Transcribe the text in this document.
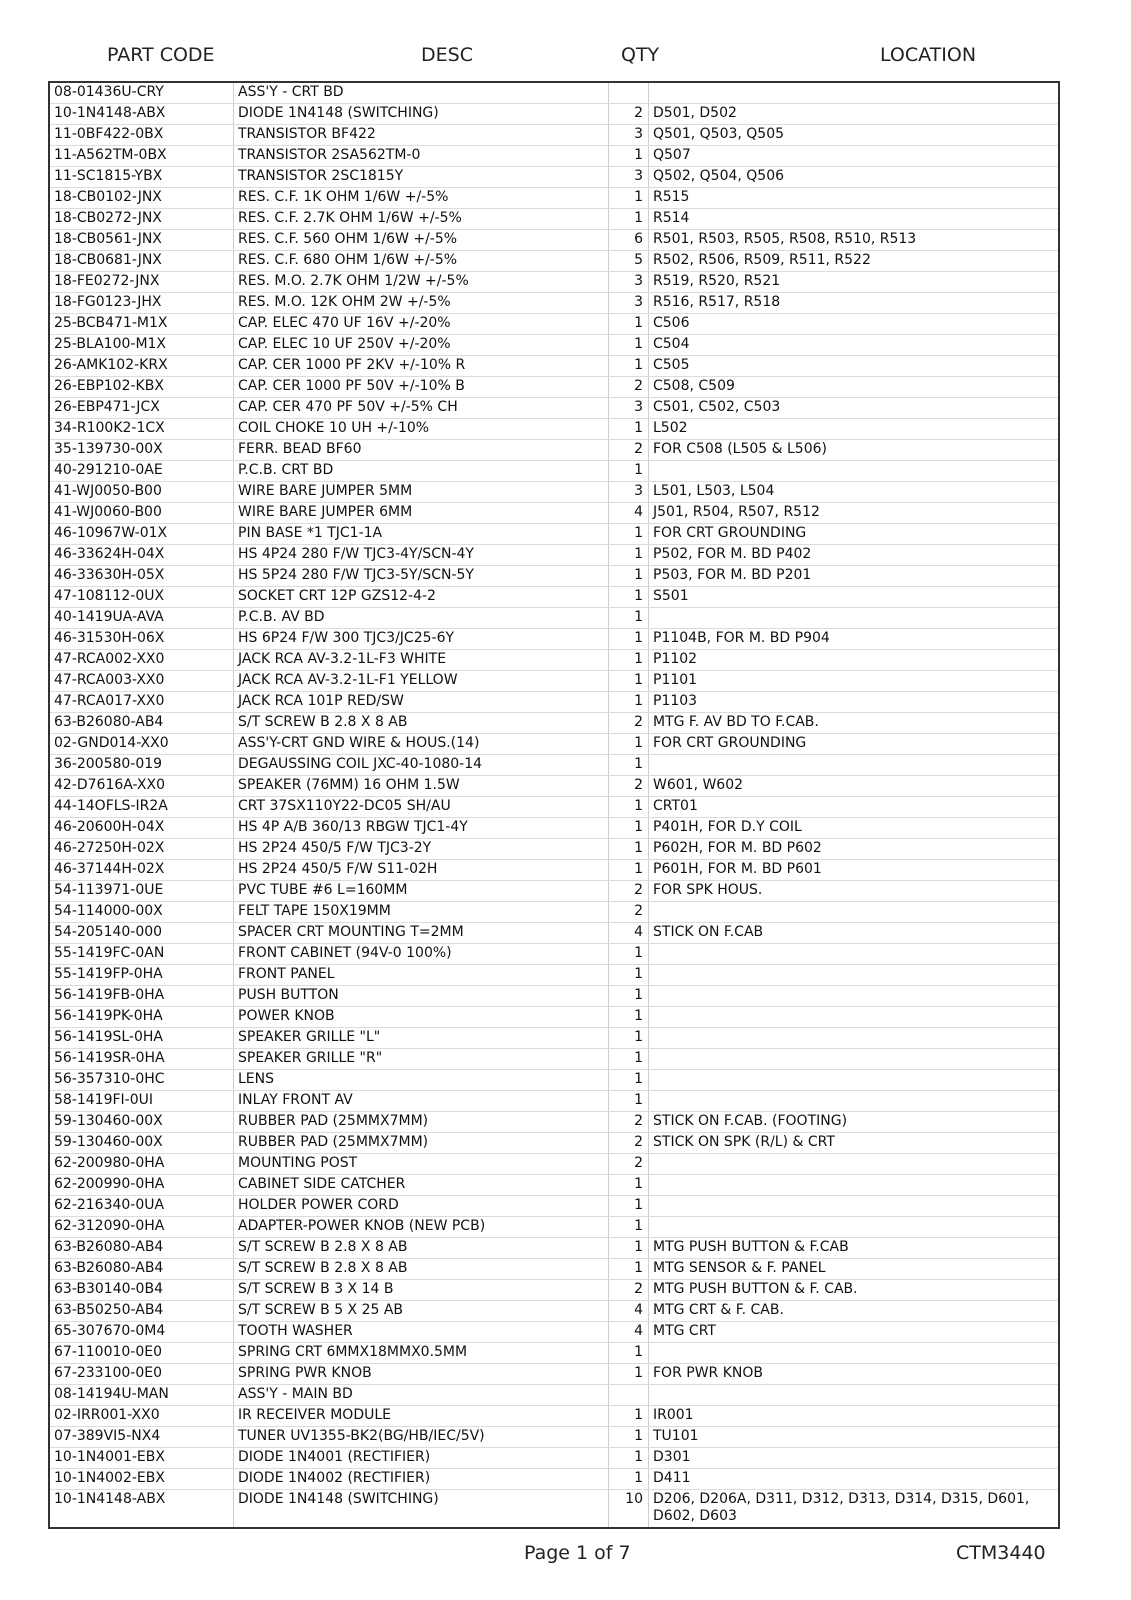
PART CODE	DESC	QTY	LOCATION
08-01436U-CRY	ASS'Y - CRT BD		
10-1N4148-ABX	DIODE 1N4148 (SWITCHING)	2	D501, D502
11-0BF422-0BX	TRANSISTOR BF422	3	Q501, Q503, Q505
11-A562TM-0BX	TRANSISTOR 2SA562TM-0	1	Q507
11-SC1815-YBX	TRANSISTOR 2SC1815Y	3	Q502, Q504, Q506
18-CB0102-JNX	RES. C.F. 1K OHM 1/6W +/-5%	1	R515
18-CB0272-JNX	RES. C.F. 2.7K OHM 1/6W +/-5%	1	R514
18-CB0561-JNX	RES. C.F. 560 OHM 1/6W +/-5%	6	R501, R503, R505, R508, R510, R513
18-CB0681-JNX	RES. C.F. 680 OHM 1/6W +/-5%	5	R502, R506, R509, R511, R522
18-FE0272-JNX	RES. M.O. 2.7K OHM 1/2W +/-5%	3	R519, R520, R521
18-FG0123-JHX	RES. M.O. 12K OHM 2W +/-5%	3	R516, R517, R518
25-BCB471-M1X	CAP. ELEC 470 UF 16V +/-20%	1	C506
25-BLA100-M1X	CAP. ELEC 10 UF 250V +/-20%	1	C504
26-AMK102-KRX	CAP. CER 1000 PF 2KV +/-10% R	1	C505
26-EBP102-KBX	CAP. CER 1000 PF 50V +/-10% B	2	C508, C509
26-EBP471-JCX	CAP. CER 470 PF 50V +/-5% CH	3	C501, C502, C503
34-R100K2-1CX	COIL CHOKE 10 UH +/-10%	1	L502
35-139730-00X	FERR. BEAD BF60	2	FOR C508 (L505 & L506)
40-291210-0AE	P.C.B. CRT BD	1	
41-WJ0050-B00	WIRE BARE JUMPER 5MM	3	L501, L503, L504
41-WJ0060-B00	WIRE BARE JUMPER 6MM	4	J501, R504, R507, R512
46-10967W-01X	PIN BASE *1 TJC1-1A	1	FOR CRT GROUNDING
46-33624H-04X	HS 4P24 280 F/W TJC3-4Y/SCN-4Y	1	P502, FOR M. BD P402
46-33630H-05X	HS 5P24 280 F/W TJC3-5Y/SCN-5Y	1	P503, FOR M. BD P201
47-108112-0UX	SOCKET CRT 12P GZS12-4-2	1	S501
40-1419UA-AVA	P.C.B. AV BD	1	
46-31530H-06X	HS 6P24 F/W 300 TJC3/JC25-6Y	1	P1104B, FOR M. BD P904
47-RCA002-XX0	JACK RCA AV-3.2-1L-F3 WHITE	1	P1102
47-RCA003-XX0	JACK RCA AV-3.2-1L-F1 YELLOW	1	P1101
47-RCA017-XX0	JACK RCA 101P RED/SW	1	P1103
63-B26080-AB4	S/T SCREW B 2.8 X 8 AB	2	MTG F. AV BD TO F.CAB.
02-GND014-XX0	ASS'Y-CRT GND WIRE & HOUS.(14)	1	FOR CRT GROUNDING
36-200580-019	DEGAUSSING COIL JXC-40-1080-14	1	
42-D7616A-XX0	SPEAKER (76MM) 16 OHM 1.5W	2	W601, W602
44-14OFLS-IR2A	CRT 37SX110Y22-DC05 SH/AU	1	CRT01
46-20600H-04X	HS 4P A/B 360/13 RBGW TJC1-4Y	1	P401H, FOR D.Y COIL
46-27250H-02X	HS 2P24 450/5 F/W TJC3-2Y	1	P602H, FOR M. BD P602
46-37144H-02X	HS 2P24 450/5 F/W S11-02H	1	P601H, FOR M. BD P601
54-113971-0UE	PVC TUBE #6 L=160MM	2	FOR SPK HOUS.
54-114000-00X	FELT TAPE 150X19MM	2	
54-205140-000	SPACER CRT MOUNTING T=2MM	4	STICK ON F.CAB
55-1419FC-0AN	FRONT CABINET (94V-0 100%)	1	
55-1419FP-0HA	FRONT PANEL	1	
56-1419FB-0HA	PUSH BUTTON	1	
56-1419PK-0HA	POWER KNOB	1	
56-1419SL-0HA	SPEAKER GRILLE "L"	1	
56-1419SR-0HA	SPEAKER GRILLE "R"	1	
56-357310-0HC	LENS	1	
58-1419FI-0UI	INLAY FRONT AV	1	
59-130460-00X	RUBBER PAD (25MMX7MM)	2	STICK ON F.CAB. (FOOTING)
59-130460-00X	RUBBER PAD (25MMX7MM)	2	STICK ON SPK (R/L) & CRT
62-200980-0HA	MOUNTING POST	2	
62-200990-0HA	CABINET SIDE CATCHER	1	
62-216340-0UA	HOLDER POWER CORD	1	
62-312090-0HA	ADAPTER-POWER KNOB (NEW PCB)	1	
63-B26080-AB4	S/T SCREW B 2.8 X 8 AB	1	MTG PUSH BUTTON & F.CAB
63-B26080-AB4	S/T SCREW B 2.8 X 8 AB	1	MTG SENSOR & F. PANEL
63-B30140-0B4	S/T SCREW B 3 X 14 B	2	MTG PUSH BUTTON & F. CAB.
63-B50250-AB4	S/T SCREW B 5 X 25 AB	4	MTG CRT & F. CAB.
65-307670-0M4	TOOTH WASHER	4	MTG CRT
67-110010-0E0	SPRING CRT 6MMX18MMX0.5MM	1	
67-233100-0E0	SPRING PWR KNOB	1	FOR PWR KNOB
08-14194U-MAN	ASS'Y - MAIN BD		
02-IRR001-XX0	IR RECEIVER MODULE	1	IR001
07-389VI5-NX4	TUNER UV1355-BK2(BG/HB/IEC/5V)	1	TU101
10-1N4001-EBX	DIODE 1N4001 (RECTIFIER)	1	D301
10-1N4002-EBX	DIODE 1N4002 (RECTIFIER)	1	D411
10-1N4148-ABX	DIODE 1N4148 (SWITCHING)	10	D206, D206A, D311, D312, D313, D314, D315, D601, D602, D603
Page 1 of 7	CTM3440
